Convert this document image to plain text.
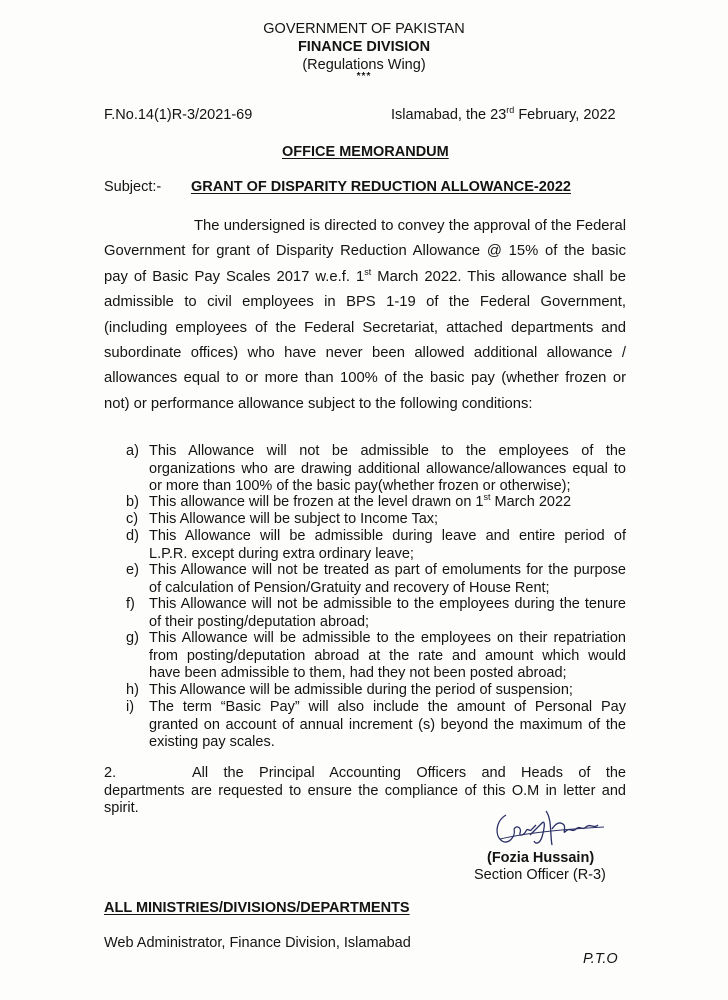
GOVERNMENT OF PAKISTAN
FINANCE DIVISION
(Regulations Wing)
***
F.No.14(1)R-3/2021-69	Islamabad, the 23rd February, 2022
OFFICE MEMORANDUM
Subject:- GRANT OF DISPARITY REDUCTION ALLOWANCE-2022
The undersigned is directed to convey the approval of the Federal
Government for grant of Disparity Reduction Allowance @ 15% of the basic
pay of Basic Pay Scales 2017 w.e.f. 1st March 2022. This allowance shall be
admissible to civil employees in BPS 1-19 of the Federal Government,
(including employees of the Federal Secretariat, attached departments and
subordinate offices) who have never been allowed additional allowance /
allowances equal to or more than 100% of the basic pay (whether frozen or
not) or performance allowance subject to the following conditions:
a) This Allowance will not be admissible to the employees of the
organizations who are drawing additional allowance/allowances equal to
or more than 100% of the basic pay(whether frozen or otherwise);
b) This allowance will be frozen at the level drawn on 1st March 2022
c) This Allowance will be subject to Income Tax;
d) This Allowance will be admissible during leave and entire period of
L.P.R. except during extra ordinary leave;
e) This Allowance will not be treated as part of emoluments for the purpose
of calculation of Pension/Gratuity and recovery of House Rent;
f) This Allowance will not be admissible to the employees during the tenure
of their posting/deputation abroad;
g) This Allowance will be admissible to the employees on their repatriation
from posting/deputation abroad at the rate and amount which would
have been admissible to them, had they not been posted abroad;
h) This Allowance will be admissible during the period of suspension;
i)	The term “Basic Pay” will also include the amount of Personal Pay
granted on account of annual increment (s) beyond the maximum of the
existing pay scales.
2.	All the Principal Accounting Officers and Heads of the
departments are requested to ensure the compliance of this O.M in letter and
spirit.
(Fozia Hussain)
Section Officer (R-3)
ALL MINISTRIES/DIVISIONS/DEPARTMENTS
Web Administrator, Finance Division, Islamabad
P.T.O
